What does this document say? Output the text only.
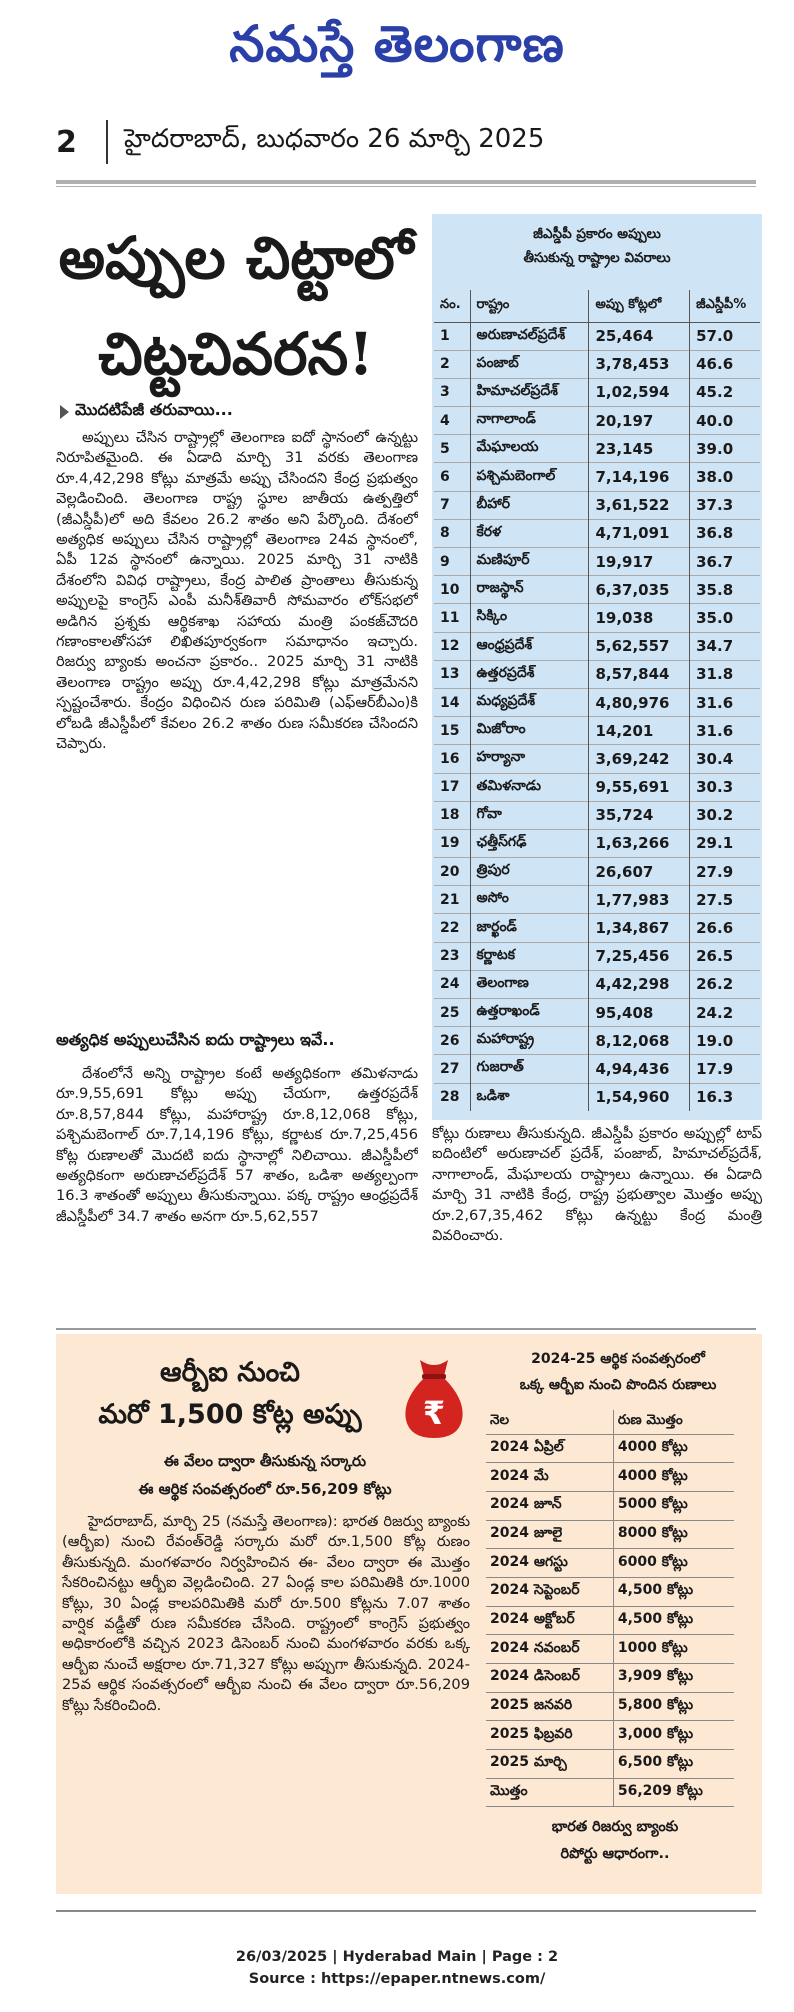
నమస్తే తెలంగాణ
2	హైదరాబాద్, బుధవారం 26 మార్చి 2025
అప్పుల చిట్టాలో
చిట్టచివరన!
మొదటిపేజీ తరువాయి...

అప్పులు చేసిన రాష్ట్రాల్లో తెలంగాణ ఐదో స్థానంలో ఉన్నట్టు నిరూపితమైంది. ఈ ఏడాది మార్చి 31 వరకు తెలంగాణ రూ.4,42,298 కోట్లు మాత్రమే అప్పు చేసిందని కేంద్ర ప్రభుత్వం వెల్లడించింది. తెలంగాణ రాష్ట్ర స్థూల జాతీయ ఉత్పత్తిలో (జీఎస్డీపీ)లో అది కేవలం 26.2 శాతం అని పేర్కొంది. దేశంలో అత్యధిక అప్పులు చేసిన రాష్ట్రాల్లో తెలంగాణ 24వ స్థానంలో, ఏపీ 12వ స్థానంలో ఉన్నాయి. 2025 మార్చి 31 నాటికి దేశంలోని వివిధ రాష్ట్రాలు, కేంద్ర పాలిత ప్రాంతాలు తీసుకున్న అప్పులపై కాంగ్రెస్ ఎంపీ మనీశ్‌తివారీ సోమవారం లోక్‌సభలో అడిగిన ప్రశ్నకు ఆర్థికశాఖ సహాయ మంత్రి పంకజ్‌చౌదరి గణాంకాలతోసహా లిఖితపూర్వకంగా సమాధానం ఇచ్చారు. రిజర్వు బ్యాంకు అంచనా ప్రకారం.. 2025 మార్చి 31 నాటికి తెలంగాణ రాష్ట్రం అప్పు రూ.4,42,298 కోట్లు మాత్రమేనని స్పష్టంచేశారు. కేంద్రం విధించిన రుణ పరిమితి (ఎఫ్ఆర్‌బీఎం)కి లోబడి జీఎస్డీపీలో కేవలం 26.2 శాతం రుణ సమీకరణ చేసిందని చెప్పారు.

అత్యధిక అప్పులుచేసిన ఐదు రాష్ట్రాలు ఇవే..

దేశంలోనే అన్ని రాష్ట్రాల కంటే అత్యధికంగా తమిళనాడు రూ.9,55,691 కోట్లు అప్పు చేయగా, ఉత్తరప్రదేశ్ రూ.8,57,844 కోట్లు, మహారాష్ట్ర రూ.8,12,068 కోట్లు, పశ్చిమబెంగాల్ రూ.7,14,196 కోట్లు, కర్ణాటక రూ.7,25,456 కోట్ల రుణాలతో మొదటి ఐదు స్థానాల్లో నిలిచాయి. జీఎస్డీపీలో అత్యధికంగా అరుణాచల్‌ప్రదేశ్ 57 శాతం, ఒడిశా అత్యల్పంగా 16.3 శాతంతో అప్పులు తీసుకున్నాయి. పక్క రాష్ట్రం ఆంధ్రప్రదేశ్ జీఎస్డీపీలో 34.7 శాతం అనగా రూ.5,62,557

కోట్లు రుణాలు తీసుకున్నది. జీఎస్డీపీ ప్రకారం అప్పుల్లో టాప్ ఐదింటిలో అరుణాచల్ ప్రదేశ్, పంజాబ్, హిమాచల్‌ప్రదేశ్, నాగాలాండ్, మేఘాలయ రాష్ట్రాలు ఉన్నాయి. ఈ ఏడాది మార్చి 31 నాటికి కేంద్ర, రాష్ట్ర ప్రభుత్వాల మొత్తం అప్పు రూ.2,67,35,462 కోట్లు ఉన్నట్టు కేంద్ర మంత్రి వివరించారు.

జీఎస్డీపీ ప్రకారం అప్పులు
తీసుకున్న రాష్ట్రాల వివరాలు
నం.	రాష్ట్రం	అప్పు కోట్లలో	జీఎస్డీపీ%
1	అరుణాచల్‌ప్రదేశ్	25,464	57.0
2	పంజాబ్	3,78,453	46.6
3	హిమాచల్‌ప్రదేశ్	1,02,594	45.2
4	నాగాలాండ్	20,197	40.0
5	మేఘాలయ	23,145	39.0
6	పశ్చిమబెంగాల్	7,14,196	38.0
7	బీహార్	3,61,522	37.3
8	కేరళ	4,71,091	36.8
9	మణిపూర్	19,917	36.7
10	రాజస్థాన్	6,37,035	35.8
11	సిక్కిం	19,038	35.0
12	ఆంధ్రప్రదేశ్	5,62,557	34.7
13	ఉత్తరప్రదేశ్	8,57,844	31.8
14	మధ్యప్రదేశ్	4,80,976	31.6
15	మిజోరాం	14,201	31.6
16	హర్యానా	3,69,242	30.4
17	తమిళనాడు	9,55,691	30.3
18	గోవా	35,724	30.2
19	ఛత్తీస్‌గఢ్	1,63,266	29.1
20	త్రిపుర	26,607	27.9
21	అసోం	1,77,983	27.5
22	జార్ఖండ్	1,34,867	26.6
23	కర్ణాటక	7,25,456	26.5
24	తెలంగాణ	4,42,298	26.2
25	ఉత్తరాఖండ్	95,408	24.2
26	మహారాష్ట్ర	8,12,068	19.0
27	గుజరాత్	4,94,436	17.9
28	ఒడిశా	1,54,960	16.3
ఆర్బీఐ నుంచి
మరో 1,500 కోట్ల అప్పు	₹
ఈ వేలం ద్వారా తీసుకున్న సర్కారు
ఈ ఆర్థిక సంవత్సరంలో రూ.56,209 కోట్లు

హైదరాబాద్, మార్చి 25 (నమస్తే తెలంగాణ): భారత రిజర్వు బ్యాంకు (ఆర్బీఐ) నుంచి రేవంత్‌రెడ్డి సర్కారు మరో రూ.1,500 కోట్ల రుణం తీసుకున్నది. మంగళవారం నిర్వహించిన ఈ- వేలం ద్వారా ఈ మొత్తం సేకరించినట్టు ఆర్బీఐ వెల్లడించింది. 27 ఏండ్ల కాల పరిమితికి రూ.1000 కోట్లు, 30 ఏండ్ల కాలపరిమితికి మరో రూ.500 కోట్లను 7.07 శాతం వార్షిక వడ్డీతో రుణ సమీకరణ చేసింది. రాష్ట్రంలో కాంగ్రెస్ ప్రభుత్వం అధికారంలోకి వచ్చిన 2023 డిసెంబర్ నుంచి మంగళవారం వరకు ఒక్క ఆర్బీఐ నుంచే అక్షరాల రూ.71,327 కోట్లు అప్పుగా తీసుకున్నది. 2024-25వ ఆర్థిక సంవత్సరంలో ఆర్బీఐ నుంచి ఈ వేలం ద్వారా రూ.56,209 కోట్లు సేకరించింది.

2024-25 ఆర్థిక సంవత్సరంలో
ఒక్క ఆర్బీఐ నుంచి పొందిన రుణాలు
నెల	రుణ మొత్తం
2024 ఏప్రిల్	4000 కోట్లు
2024 మే	4000 కోట్లు
2024 జూన్	5000 కోట్లు
2024 జూలై	8000 కోట్లు
2024 ఆగస్టు	6000 కోట్లు
2024 సెప్టెంబర్	4,500 కోట్లు
2024 అక్టోబర్	4,500 కోట్లు
2024 నవంబర్	1000 కోట్లు
2024 డిసెంబర్	3,909 కోట్లు
2025 జనవరి	5,800 కోట్లు
2025 ఫిబ్రవరి	3,000 కోట్లు
2025 మార్చి	6,500 కోట్లు
మొత్తం	56,209 కోట్లు
భారత రిజర్వు బ్యాంకు
రిపోర్టు ఆధారంగా..
26/03/2025 | Hyderabad Main | Page : 2
Source : https://epaper.ntnews.com/
